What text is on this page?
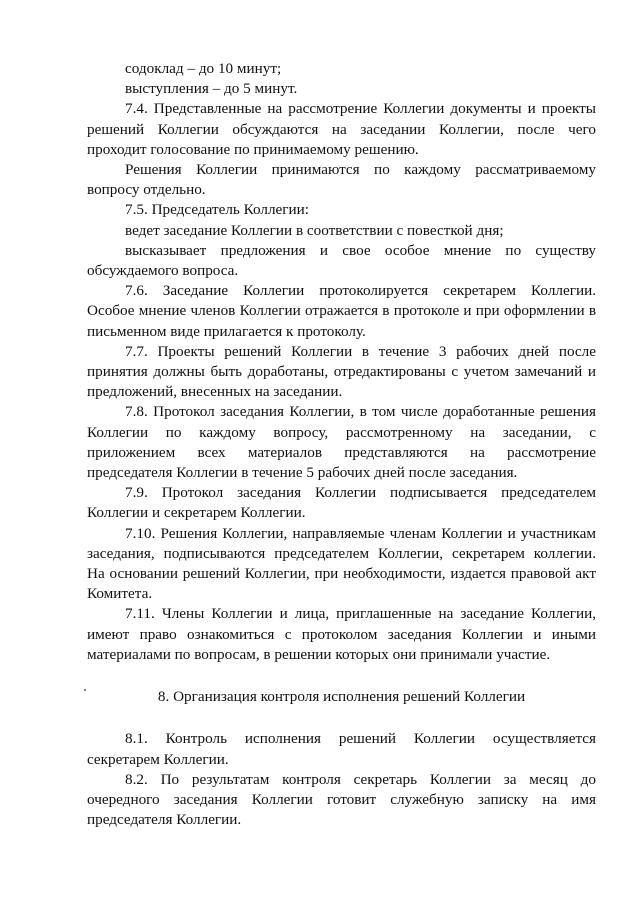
содоклад – до 10 минут;
выступления – до 5 минут.
7.4. Представленные на рассмотрение Коллегии документы и проекты
решений Коллегии обсуждаются на заседании Коллегии, после чего
проходит голосование по принимаемому решению.
Решения Коллегии принимаются по каждому рассматриваемому
вопросу отдельно.
7.5. Председатель Коллегии:
ведет заседание Коллегии в соответствии с повесткой дня;
высказывает предложения и свое особое мнение по существу
обсуждаемого вопроса.
7.6. Заседание Коллегии протоколируется секретарем Коллегии.
Особое мнение членов Коллегии отражается в протоколе и при оформлении в
письменном виде прилагается к протоколу.
7.7. Проекты решений Коллегии в течение 3 рабочих дней после
принятия должны быть доработаны, отредактированы с учетом замечаний и
предложений, внесенных на заседании.
7.8. Протокол заседания Коллегии, в том числе доработанные решения
Коллегии по каждому вопросу, рассмотренному на заседании, с
приложением всех материалов представляются на рассмотрение
председателя Коллегии в течение 5 рабочих дней после заседания.
7.9. Протокол заседания Коллегии подписывается председателем
Коллегии и секретарем Коллегии.
7.10. Решения Коллегии, направляемые членам Коллегии и участникам
заседания, подписываются председателем Коллегии, секретарем коллегии.
На основании решений Коллегии, при необходимости, издается правовой акт
Комитета.
7.11. Члены Коллегии и лица, приглашенные на заседание Коллегии,
имеют право ознакомиться с протоколом заседания Коллегии и иными
материалами по вопросам, в решении которых они принимали участие.
8. Организация контроля исполнения решений Коллегии
8.1. Контроль исполнения решений Коллегии осуществляется
секретарем Коллегии.
8.2. По результатам контроля секретарь Коллегии за месяц до
очередного заседания Коллегии готовит служебную записку на имя
председателя Коллегии.
